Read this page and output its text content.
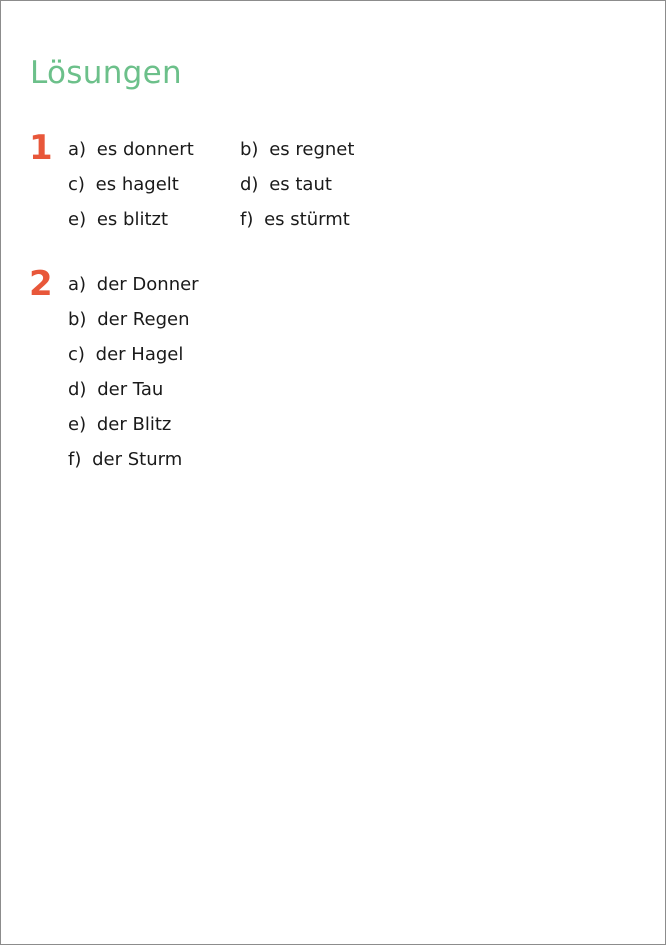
Lösungen
1 a) es donnert	b) es regnet
c) es hagelt	d) es taut
e) es blitzt	f) es stürmt
2 a) der Donner
b) der Regen
c) der Hagel
d) der Tau
e) der Blitz
f) der Sturm
